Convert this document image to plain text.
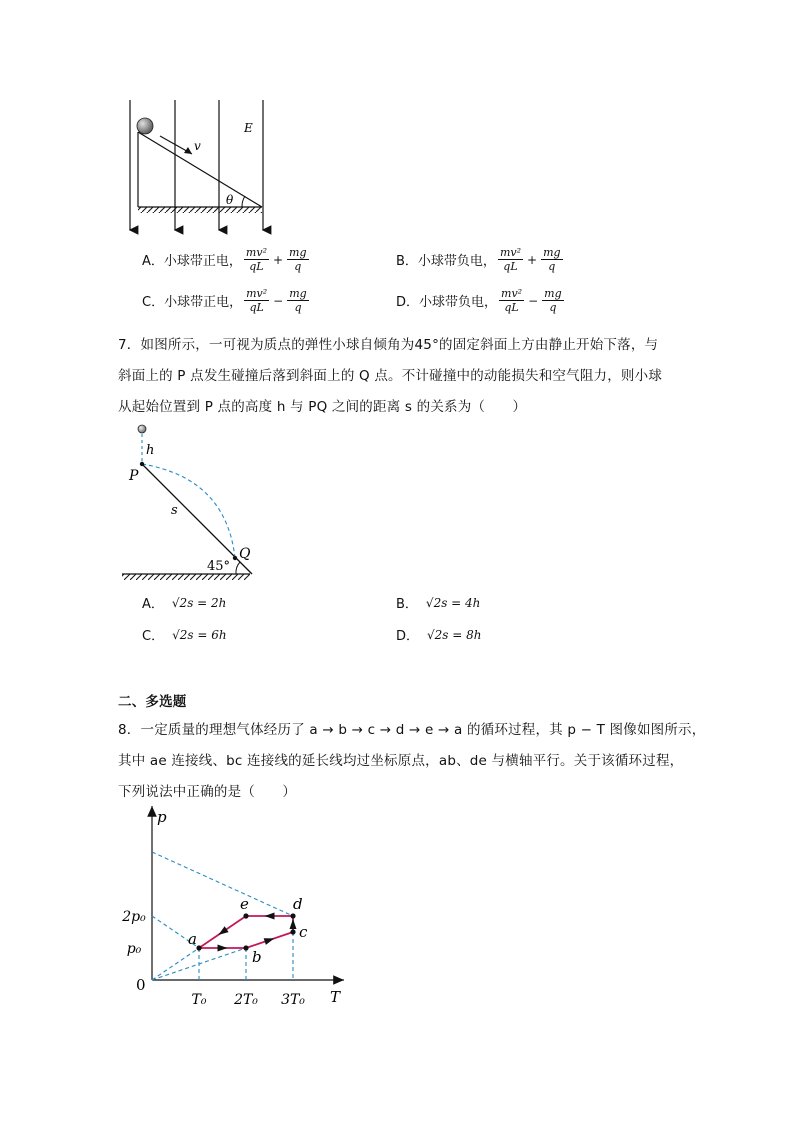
v
E
θ
A． 小球带正电， $\frac{\text{mv²}}{qL} + \frac{mg}{q}$	B． 小球带负电， $\frac{\text{mv²}}{qL} + \frac{mg}{q}$
C． 小球带正电， $\frac{\text{mv²}}{qL} - \frac{mg}{q}$	D． 小球带负电， $\frac{\text{mv²}}{qL} - \frac{mg}{q}$
7．如图所示，一可视为质点的弹性小球自倾角为45°的固定斜面上方由静止开始下落，与
斜面上的 P 点发生碰撞后落到斜面上的 Q 点。不计碰撞中的动能损失和空气阻力，则小球
从起始位置到 P 点的高度 h 与 PQ 之间的距离 s 的关系为（　　）
h
P
s
Q
45°
A． √2s = 2h	B． √2s = 4h
C． √2s = 6h	D． √2s = 8h
二、多选题
8．一定质量的理想气体经历了 a → b → c → d → e → a 的循环过程，其 p − T 图像如图所示，
其中 ae 连接线、bc 连接线的延长线均过坐标原点，ab、de 与横轴平行。关于该循环过程，
下列说法中正确的是（　　）
p
T
0
p₀
2p₀
T₀ 2T₀ 3T₀
a
b
c
d
e
